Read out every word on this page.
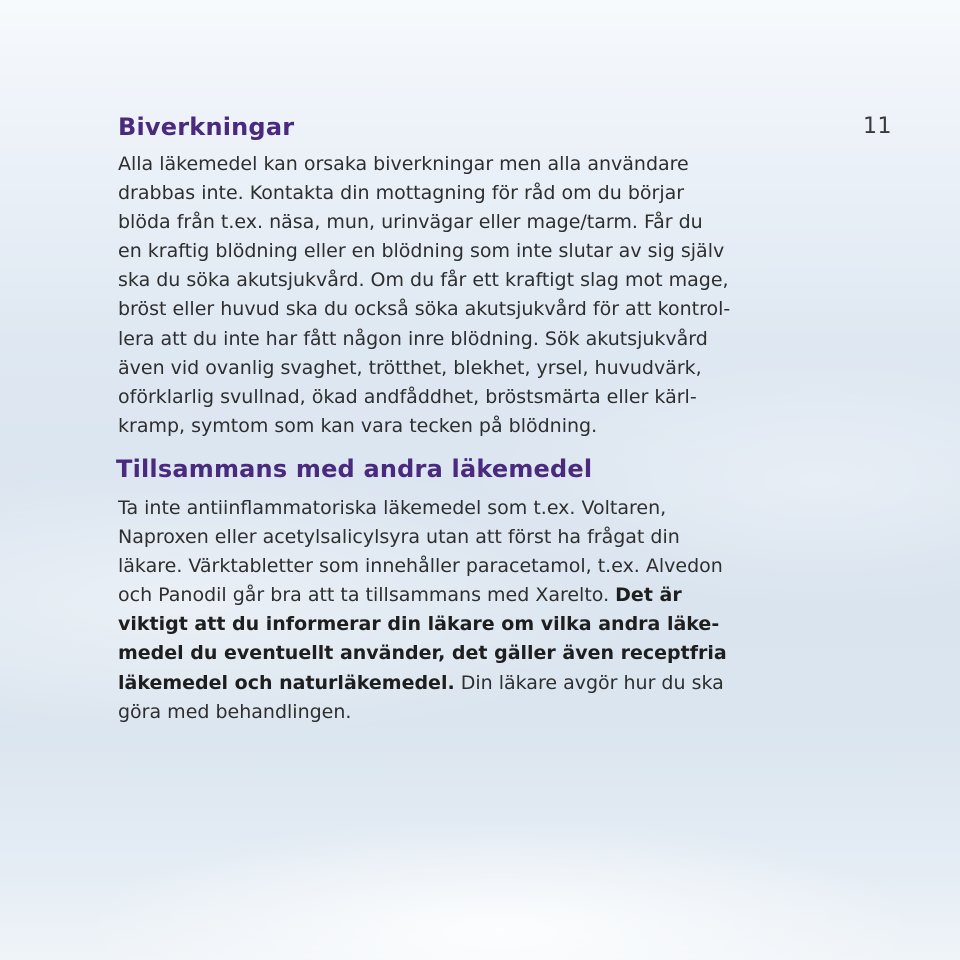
11
Biverkningar

Alla läkemedel kan orsaka biverkningar men alla användare
drabbas inte. Kontakta din mottagning för råd om du börjar
blöda från t.ex. näsa, mun, urinvägar eller mage/tarm. Får du
en kraftig blödning eller en blödning som inte slutar av sig själv
ska du söka akutsjukvård. Om du får ett kraftigt slag mot mage,
bröst eller huvud ska du också söka akutsjukvård för att kontrol-
lera att du inte har fått någon inre blödning. Sök akutsjukvård
även vid ovanlig svaghet, trötthet, blekhet, yrsel, huvudvärk,
oförklarlig svullnad, ökad andfåddhet, bröstsmärta eller kärl-
kramp, symtom som kan vara tecken på blödning.

Tillsammans med andra läkemedel

Ta inte antiinflammatoriska läkemedel som t.ex. Voltaren,
Naproxen eller acetylsalicylsyra utan att först ha frågat din
läkare. Värktabletter som innehåller paracetamol, t.ex. Alvedon
och Panodil går bra att ta tillsammans med Xarelto. Det är
viktigt att du informerar din läkare om vilka andra läke-
medel du eventuellt använder, det gäller även receptfria
läkemedel och naturläkemedel. Din läkare avgör hur du ska
göra med behandlingen.
